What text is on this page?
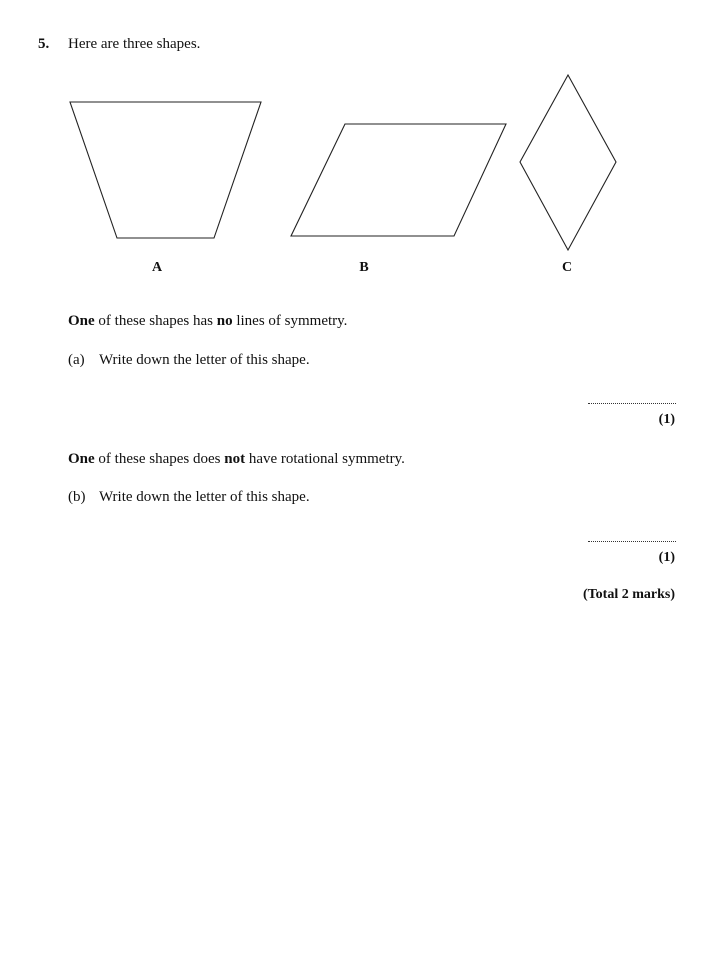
5. Here are three shapes.
A	B	C
One of these shapes has no lines of symmetry.
(a) Write down the letter of this shape.
(1)
One of these shapes does not have rotational symmetry.
(b) Write down the letter of this shape.
(1)
(Total 2 marks)
